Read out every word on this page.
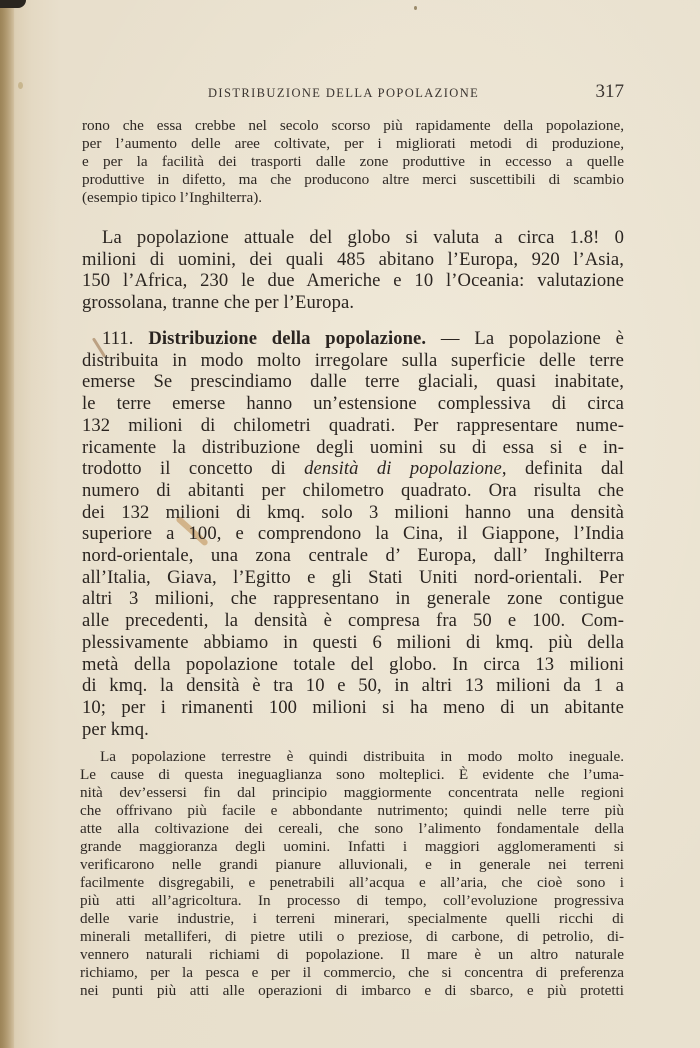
DISTRIBUZIONE DELLA POPOLAZIONE	317
rono che essa crebbe nel secolo scorso più rapidamente della popolazione,
per l’aumento delle aree coltivate, per i migliorati metodi di produzione,
e per la facilità dei trasporti dalle zone produttive in eccesso a quelle
produttive in difetto, ma che producono altre merci suscettibili di scambio
(esempio tipico l’Inghilterra).
La popolazione attuale del globo si valuta a circa 1.8! 0
milioni di uomini, dei quali 485 abitano l’Europa, 920 l’Asia,
150 l’Africa, 230 le due Americhe e 10 l’Oceania: valutazione
grossolana, tranne che per l’Europa.
111. Distribuzione della popolazione. — La popolazione è
distribuita in modo molto irregolare sulla superficie delle terre
emerse Se prescindiamo dalle terre glaciali, quasi inabitate,
le terre emerse hanno un’estensione complessiva di circa
132 milioni di chilometri quadrati. Per rappresentare nume-
ricamente la distribuzione degli uomini su di essa si e in-
trodotto il concetto di densità di popolazione, definita dal
numero di abitanti per chilometro quadrato. Ora risulta che
dei 132 milioni di kmq. solo 3 milioni hanno una densità
superiore a 100, e comprendono la Cina, il Giappone, l’India
nord-orientale, una zona centrale d’ Europa, dall’ Inghilterra
all’Italia, Giava, l’Egitto e gli Stati Uniti nord-orientali. Per
altri 3 milioni, che rappresentano in generale zone contigue
alle precedenti, la densità è compresa fra 50 e 100. Com-
plessivamente abbiamo in questi 6 milioni di kmq. più della
metà della popolazione totale del globo. In circa 13 milioni
di kmq. la densità è tra 10 e 50, in altri 13 milioni da 1 a
10; per i rimanenti 100 milioni si ha meno di un abitante
per kmq.
La popolazione terrestre è quindi distribuita in modo molto ineguale.
Le cause di questa ineguaglianza sono molteplici. È evidente che l’uma-
nità dev’essersi fin dal principio maggiormente concentrata nelle regioni
che offrivano più facile e abbondante nutrimento; quindi nelle terre più
atte alla coltivazione dei cereali, che sono l’alimento fondamentale della
grande maggioranza degli uomini. Infatti i maggiori agglomeramenti si
verificarono nelle grandi pianure alluvionali, e in generale nei terreni
facilmente disgregabili, e penetrabili all’acqua e all’aria, che cioè sono i
più atti all’agricoltura. In processo di tempo, coll’evoluzione progressiva
delle varie industrie, i terreni minerari, specialmente quelli ricchi di
minerali metalliferi, di pietre utili o preziose, di carbone, di petrolio, di-
vennero naturali richiami di popolazione. Il mare è un altro naturale
richiamo, per la pesca e per il commercio, che si concentra di preferenza
nei punti più atti alle operazioni di imbarco e di sbarco, e più protetti
